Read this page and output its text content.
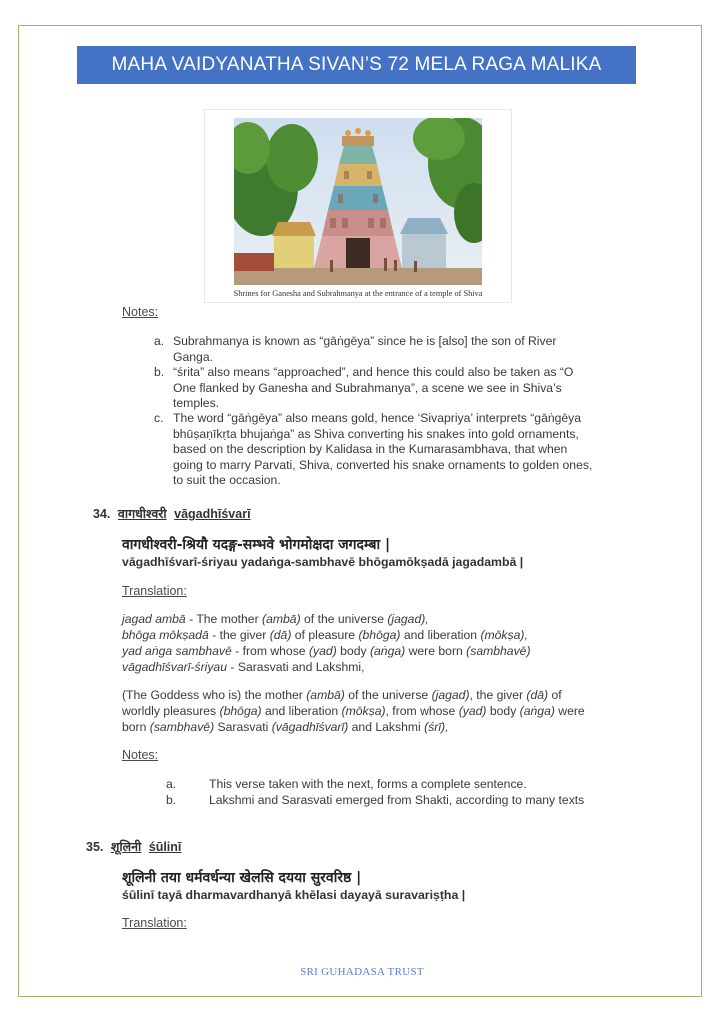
MAHA VAIDYANATHA SIVAN’S 72 MELA RAGA MALIKA
Shrines for Ganesha and Subrahmanya at the entrance of a temple of Shiva
Notes:
a. Subrahmanya is known as “gāṅgēya” since he is [also] the son of River
Ganga.
b. “śrita” also means “approached”, and hence this could also be taken as “O
One flanked by Ganesha and Subrahmanya”, a scene we see in Shiva’s
temples.
c. The word “gāṅgēya” also means gold, hence ‘Sivapriya’ interprets “gāṅgēya
bhūṣaṇīkṛta bhujaṅga” as Shiva converting his snakes into gold ornaments,
based on the description by Kalidasa in the Kumarasambhava, that when
going to marry Parvati, Shiva, converted his snake ornaments to golden ones,
to suit the occasion.
34. वागधीश्वरी vāgadhīśvarī
वागधीश्वरी-श्रियौ यदङ्ग-सम्भवे भोगमोक्षदा जगदम्बा |
vāgadhīśvarī-śriyau yadaṅga-sambhavē bhōgamōkṣadā jagadambā |
Translation:
jagad ambā - The mother (ambā) of the universe (jagad),
bhōga mōkṣadā - the giver (dā) of pleasure (bhōga) and liberation (mōkṣa),
yad aṅga sambhavē - from whose (yad) body (aṅga) were born (sambhavē)
vāgadhīśvarī-śriyau - Sarasvati and Lakshmi,
(The Goddess who is) the mother (ambā) of the universe (jagad), the giver (dā) of
worldly pleasures (bhōga) and liberation (mōkṣa), from whose (yad) body (aṅga) were
born (sambhavē) Sarasvati (vāgadhīśvarī) and Lakshmi (śrī),
Notes:
a.	This verse taken with the next, forms a complete sentence.
b.	Lakshmi and Sarasvati emerged from Shakti, according to many texts
35. शूलिनी śūlinī
शूलिनी तया धर्मवर्धन्या खेलसि दयया सुरवरिष्ठ |
śūlinī tayā dharmavardhanyā khēlasi dayayā suravariṣṭha |
Translation:
SRI GUHADASA TRUST
